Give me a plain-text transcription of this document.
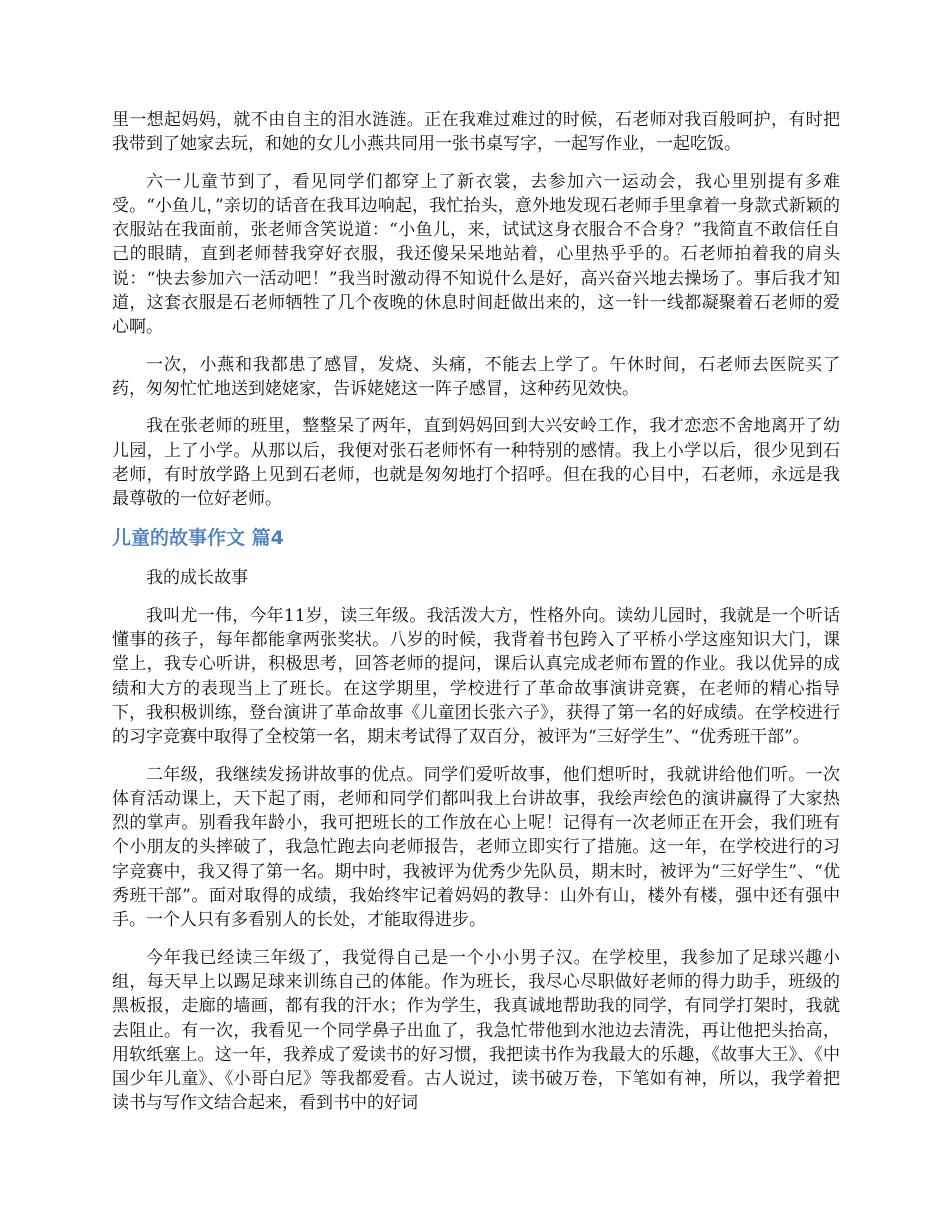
里一想起妈妈，就不由自主的泪水涟涟。正在我难过难过的时候，石老师对我百般呵护，有时把我带到了她家去玩，和她的女儿小燕共同用一张书桌写字，一起写作业，一起吃饭。

六一儿童节到了，看见同学们都穿上了新衣裳，去参加六一运动会，我心里别提有多难受。“小鱼儿，”亲切的话音在我耳边响起，我忙抬头，意外地发现石老师手里拿着一身款式新颖的衣服站在我面前，张老师含笑说道：“小鱼儿，来，试试这身衣服合不合身？”我简直不敢信任自己的眼睛，直到老师替我穿好衣服，我还傻呆呆地站着，心里热乎乎的。石老师拍着我的肩头说：“快去参加六一活动吧！”我当时激动得不知说什么是好，高兴奋兴地去操场了。事后我才知道，这套衣服是石老师牺牲了几个夜晚的休息时间赶做出来的，这一针一线都凝聚着石老师的爱心啊。

一次，小燕和我都患了感冒，发烧、头痛，不能去上学了。午休时间，石老师去医院买了药，匆匆忙忙地送到姥姥家，告诉姥姥这一阵子感冒，这种药见效快。

我在张老师的班里，整整呆了两年，直到妈妈回到大兴安岭工作，我才恋恋不舍地离开了幼儿园，上了小学。从那以后，我便对张石老师怀有一种特别的感情。我上小学以后，很少见到石老师，有时放学路上见到石老师，也就是匆匆地打个招呼。但在我的心目中，石老师，永远是我最尊敬的一位好老师。

儿童的故事作文 篇4

我的成长故事

我叫尤一伟，今年11岁，读三年级。我活泼大方，性格外向。读幼儿园时，我就是一个听话懂事的孩子，每年都能拿两张奖状。八岁的时候，我背着书包跨入了平桥小学这座知识大门，课堂上，我专心听讲，积极思考，回答老师的提问，课后认真完成老师布置的作业。我以优异的成绩和大方的表现当上了班长。在这学期里，学校进行了革命故事演讲竞赛，在老师的精心指导下，我积极训练，登台演讲了革命故事《儿童团长张六子》，获得了第一名的好成绩。在学校进行的习字竞赛中取得了全校第一名，期末考试得了双百分，被评为“三好学生”、“优秀班干部”。

二年级，我继续发扬讲故事的优点。同学们爱听故事，他们想听时，我就讲给他们听。一次体育活动课上，天下起了雨，老师和同学们都叫我上台讲故事，我绘声绘色的演讲赢得了大家热烈的掌声。别看我年龄小，我可把班长的工作放在心上呢！记得有一次老师正在开会，我们班有个小朋友的头摔破了，我急忙跑去向老师报告，老师立即实行了措施。这一年，在学校进行的习字竞赛中，我又得了第一名。期中时，我被评为优秀少先队员，期末时，被评为“三好学生”、“优秀班干部”。面对取得的成绩，我始终牢记着妈妈的教导：山外有山，楼外有楼，强中还有强中手。一个人只有多看别人的长处，才能取得进步。

今年我已经读三年级了，我觉得自己是一个小小男子汉。在学校里，我参加了足球兴趣小组，每天早上以踢足球来训练自己的体能。作为班长，我尽心尽职做好老师的得力助手，班级的黑板报，走廊的墙画，都有我的汗水；作为学生，我真诚地帮助我的同学，有同学打架时，我就去阻止。有一次，我看见一个同学鼻子出血了，我急忙带他到水池边去清洗，再让他把头抬高，用软纸塞上。这一年，我养成了爱读书的好习惯，我把读书作为我最大的乐趣，《故事大王》、《中国少年儿童》、《小哥白尼》等我都爱看。古人说过，读书破万卷，下笔如有神，所以，我学着把读书与写作文结合起来，看到书中的好词
